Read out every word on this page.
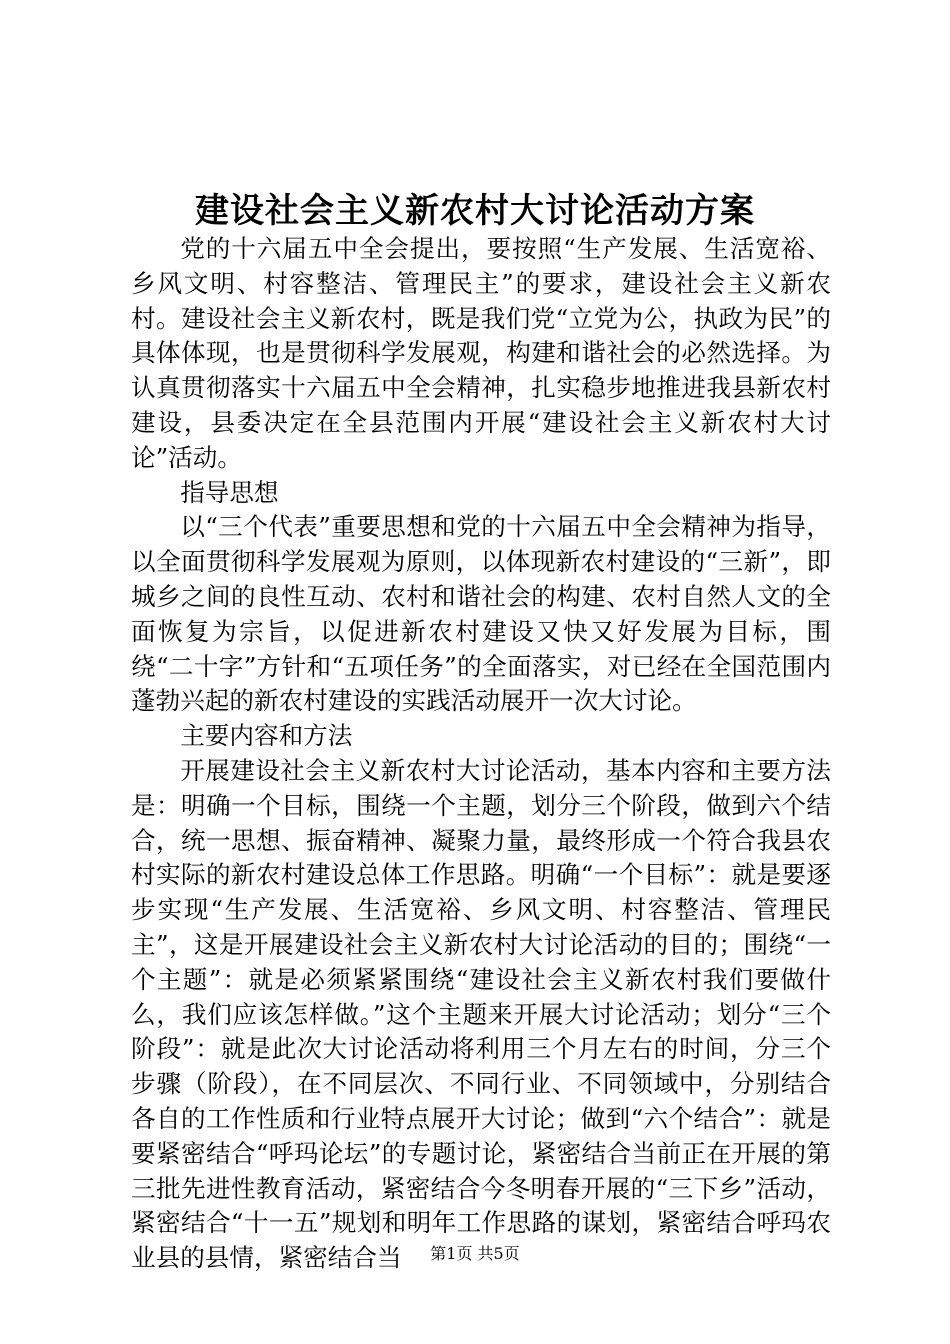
建设社会主义新农村大讨论活动方案

党的十六届五中全会提出，要按照“生产发展、生活宽裕、乡风文明、村容整洁、管理民主”的要求，建设社会主义新农村。建设社会主义新农村，既是我们党“立党为公，执政为民”的具体体现，也是贯彻科学发展观，构建和谐社会的必然选择。为认真贯彻落实十六届五中全会精神，扎实稳步地推进我县新农村建设，县委决定在全县范围内开展“建设社会主义新农村大讨论”活动。

指导思想

以“三个代表”重要思想和党的十六届五中全会精神为指导，以全面贯彻科学发展观为原则，以体现新农村建设的“三新”，即城乡之间的良性互动、农村和谐社会的构建、农村自然人文的全面恢复为宗旨，以促进新农村建设又快又好发展为目标，围绕“二十字”方针和“五项任务”的全面落实，对已经在全国范围内蓬勃兴起的新农村建设的实践活动展开一次大讨论。

主要内容和方法

开展建设社会主义新农村大讨论活动，基本内容和主要方法是：明确一个目标，围绕一个主题，划分三个阶段，做到六个结合，统一思想、振奋精神、凝聚力量，最终形成一个符合我县农村实际的新农村建设总体工作思路。明确“一个目标”：就是要逐步实现“生产发展、生活宽裕、乡风文明、村容整洁、管理民主”，这是开展建设社会主义新农村大讨论活动的目的；围绕“一个主题”：就是必须紧紧围绕“建设社会主义新农村我们要做什么，我们应该怎样做。”这个主题来开展大讨论活动；划分“三个阶段”：就是此次大讨论活动将利用三个月左右的时间，分三个步骤（阶段），在不同层次、不同行业、不同领域中，分别结合各自的工作性质和行业特点展开大讨论；做到“六个结合”：就是要紧密结合“呼玛论坛”的专题讨论，紧密结合当前正在开展的第三批先进性教育活动，紧密结合今冬明春开展的“三下乡”活动，紧密结合“十一五”规划和明年工作思路的谋划，紧密结合呼玛农业县的县情，紧密结合当	第1页 共5页
